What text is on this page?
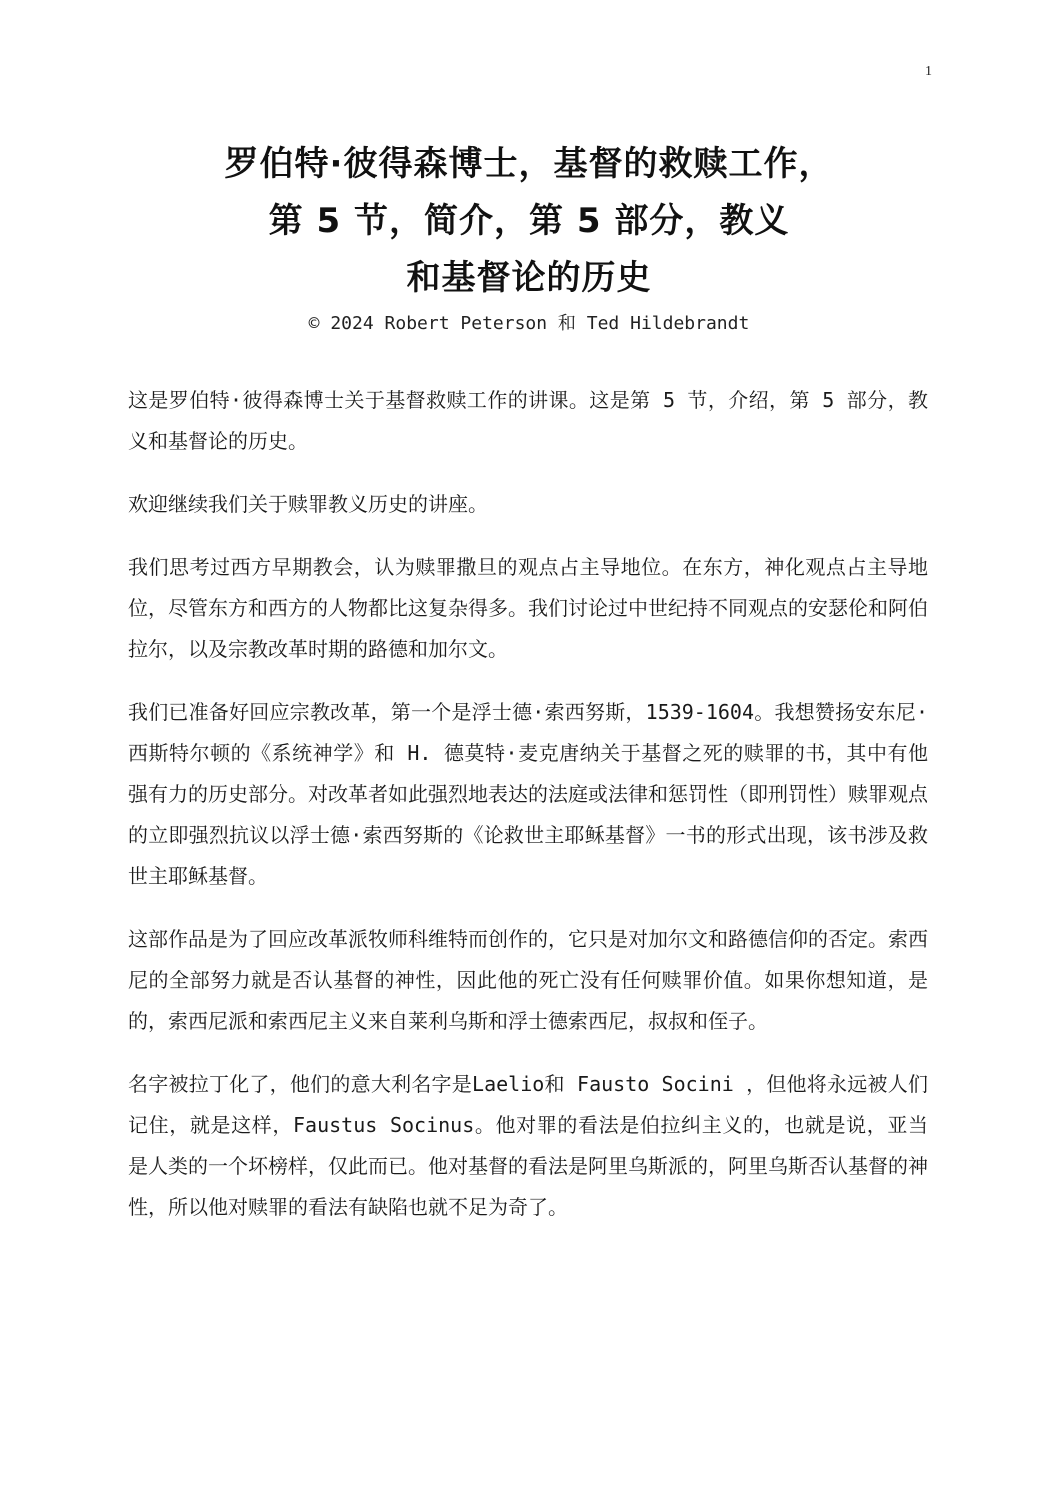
1
罗伯特·彼得森博士，基督的救赎工作，
第 5 节，简介，第 5 部分，教义
和基督论的历史
© 2024 Robert Peterson 和 Ted Hildebrandt

这是罗伯特·彼得森博士关于基督救赎工作的讲课。这是第 5 节，介绍，第 5 部分，教义和基督论的历史。

欢迎继续我们关于赎罪教义历史的讲座。

我们思考过西方早期教会，认为赎罪撒旦的观点占主导地位。在东方，神化观点占主导地位，尽管东方和西方的人物都比这复杂得多。我们讨论过中世纪持不同观点的安瑟伦和阿伯拉尔，以及宗教改革时期的路德和加尔文。

我们已准备好回应宗教改革，第一个是浮士德·索西努斯，1539-1604。我想赞扬安东尼·西斯特尔顿的《系统神学》和 H. 德莫特·麦克唐纳关于基督之死的赎罪的书，其中有他强有力的历史部分。对改革者如此强烈地表达的法庭或法律和惩罚性（即刑罚性）赎罪观点的立即强烈抗议以浮士德·索西努斯的《论救世主耶稣基督》一书的形式出现，该书涉及救世主耶稣基督。

这部作品是为了回应改革派牧师科维特而创作的，它只是对加尔文和路德信仰的否定。索西尼的全部努力就是否认基督的神性，因此他的死亡没有任何赎罪价值。如果你想知道，是的，索西尼派和索西尼主义来自莱利乌斯和浮士德索西尼，叔叔和侄子。

名字被拉丁化了，他们的意大利名字是Laelio和 Fausto Socini ，但他将永远被人们记住，就是这样，Faustus Socinus。他对罪的看法是伯拉纠主义的，也就是说，亚当是人类的一个坏榜样，仅此而已。他对基督的看法是阿里乌斯派的，阿里乌斯否认基督的神性，所以他对赎罪的看法有缺陷也就不足为奇了。
